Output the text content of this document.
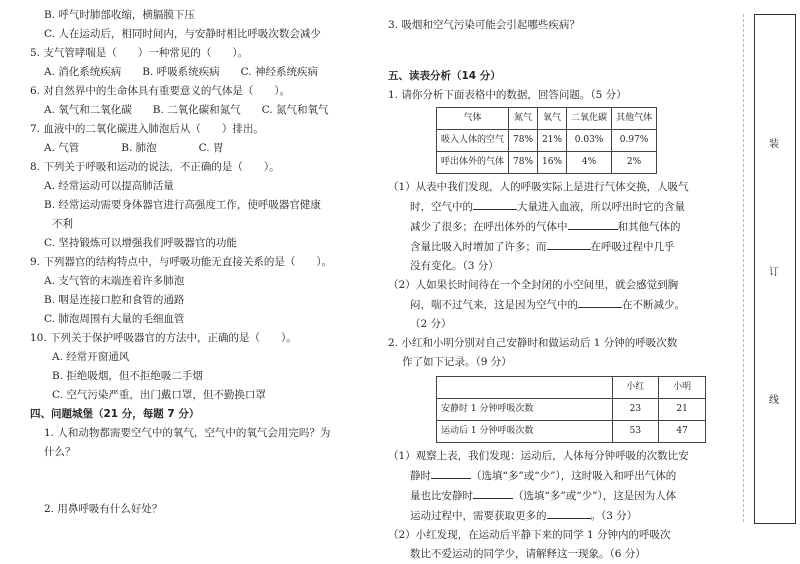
B. 呼气时肺部收缩，横膈膜下压
C. 人在运动后，相同时间内，与安静时相比呼吸次数会减少
5. 支气管哮喘是（　　）一种常见的（　　）。
A. 消化系统疾病　　B. 呼吸系统疾病　　C. 神经系统疾病
6. 对自然界中的生命体具有重要意义的气体是（　　）。
A. 氧气和二氧化碳　　B. 二氧化碳和氮气　　C. 氮气和氧气
7. 血液中的二氧化碳进入肺泡后从（　　）排出。
A. 气管　　　　B. 肺泡　　　　C. 胃
8. 下列关于呼吸和运动的说法，不正确的是（　　）。
A. 经常运动可以提高肺活量
B. 经常运动需要身体器官进行高强度工作，使呼吸器官健康
不利
C. 坚持锻炼可以增强我们呼吸器官的功能
9. 下列器官的结构特点中，与呼吸功能无直接关系的是（　　）。
A. 支气管的末端连着许多肺泡
B. 咽是连接口腔和食管的通路
C. 肺泡周围有大量的毛细血管
10. 下列关于保护呼吸器官的方法中，正确的是（　　）。
A. 经常开窗通风
B. 拒绝吸烟，但不拒绝吸二手烟
C. 空气污染严重，出门戴口罩，但不勤换口罩
四、问题城堡（21 分，每题 7 分）
1. 人和动物都需要空气中的氧气，空气中的氧气会用完吗？为
什么？
2. 用鼻呼吸有什么好处？
3. 吸烟和空气污染可能会引起哪些疾病？
五、读表分析（14 分）
1. 请你分析下面表格中的数据，回答问题。（5 分）
气体	氮气	氧气	二氧化碳	其他气体
吸入人体的空气	78%	21%	0.03%	0.97%
呼出体外的气体	78%	16%	4%	2%
（1）从表中我们发现，人的呼吸实际上是进行气体交换，人吸气
时，空气中的	大量进入血液，所以呼出时它的含量
减少了很多；在呼出体外的气体中	和其他气体的
含量比吸入时增加了许多；而	在呼吸过程中几乎
没有变化。（3 分）
（2）人如果长时间待在一个全封闭的小空间里，就会感觉到胸
闷，喘不过气来，这是因为空气中的	在不断减少。
（2 分）
2. 小红和小明分别对自己安静时和做运动后 1 分钟的呼吸次数
作了如下记录。（9 分）
	小红	小明
安静时 1 分钟呼吸次数	23	21
运动后 1 分钟呼吸次数	53	47
（1）观察上表，我们发现：运动后，人体每分钟呼吸的次数比安
静时	（选填“多”或“少”），这时吸入和呼出气体的
量也比安静时	（选填“多”或“少”），这是因为人体
运动过程中，需要获取更多的	。（3 分）
（2）小红发现，在运动后平静下来的同学 1 分钟内的呼吸次
数比不爱运动的同学少，请解释这一现象。（6 分）
装
订
线
